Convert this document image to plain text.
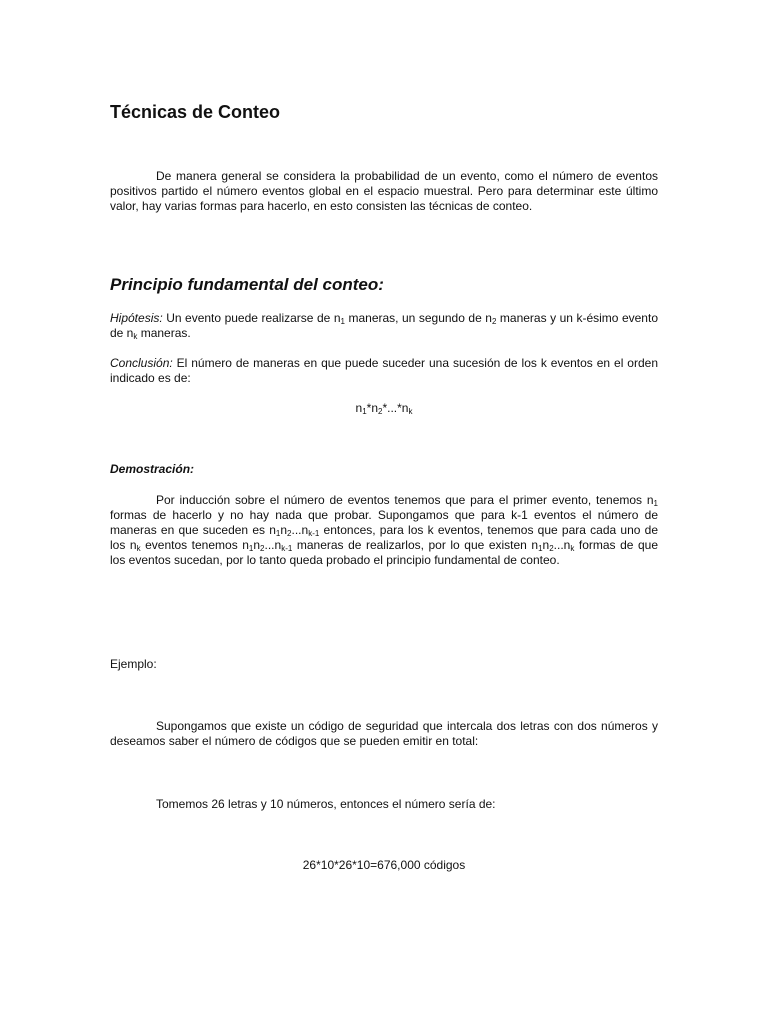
Técnicas de Conteo

De manera general se considera la probabilidad de un evento, como el número de eventos positivos partido el número eventos global en el espacio muestral. Pero para determinar este último valor, hay varias formas para hacerlo, en esto consisten las técnicas de conteo.

Principio fundamental del conteo:

Hipótesis: Un evento puede realizarse de $n_1$ maneras, un segundo de $n_2$ maneras y un k-ésimo evento de $n_k$ maneras.

Conclusión: El número de maneras en que puede suceder una sucesión de los k eventos en el orden indicado es de:

$n_1*n_2*...*n_k$

Demostración:

Por inducción sobre el número de eventos tenemos que para el primer evento, tenemos $n_1$ formas de hacerlo y no hay nada que probar. Supongamos que para k-1 eventos el número de maneras en que suceden es $n_1n_2...n_{k-1}$ entonces, para los k eventos, tenemos que para cada uno de los $n_k$ eventos tenemos $n_1n_2...n_{k-1}$ maneras de realizarlos, por lo que existen $n_1n_2...n_k$ formas de que los eventos sucedan, por lo tanto queda probado el principio fundamental de conteo.

Ejemplo:

Supongamos que existe un código de seguridad que intercala dos letras con dos números y deseamos saber el número de códigos que se pueden emitir en total:

Tomemos 26 letras y 10 números, entonces el número sería de:

26*10*26*10=676,000 códigos
